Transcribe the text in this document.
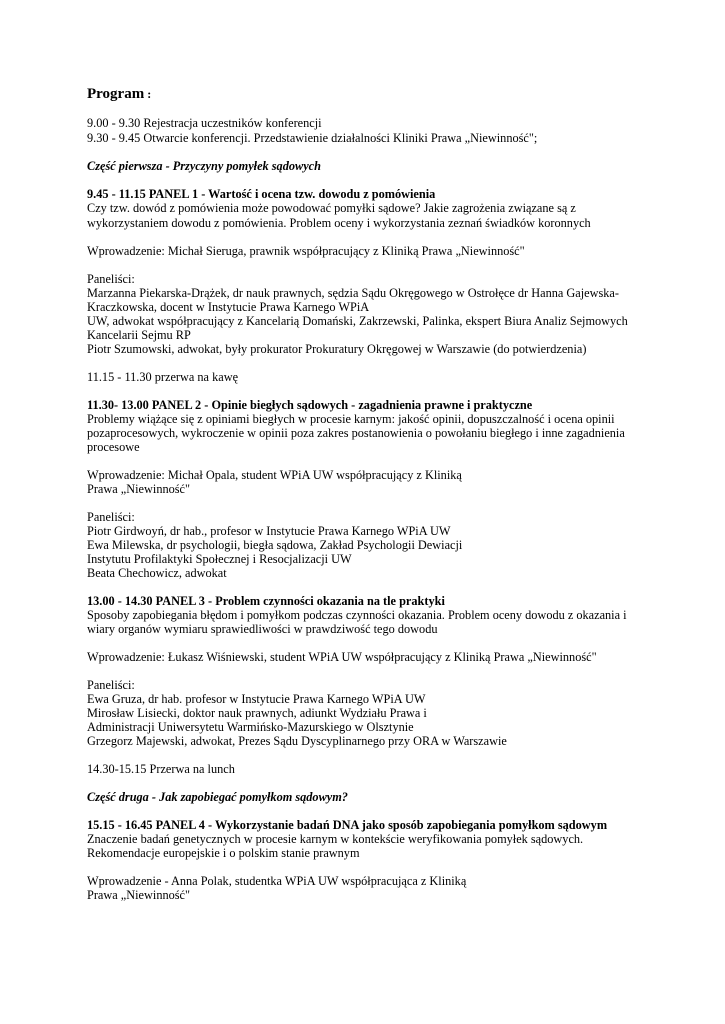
Program :
9.00 - 9.30 Rejestracja uczestników konferencji
9.30 - 9.45 Otwarcie konferencji. Przedstawienie działalności Kliniki Prawa „Niewinność";
Część pierwsza - Przyczyny pomyłek sądowych
9.45 - 11.15 PANEL 1 - Wartość i ocena tzw. dowodu z pomówienia
Czy tzw. dowód z pomówienia może powodować pomyłki sądowe? Jakie zagrożenia związane są z
wykorzystaniem dowodu z pomówienia. Problem oceny i wykorzystania zeznań świadków koronnych
Wprowadzenie: Michał Sieruga, prawnik współpracujący z Kliniką Prawa „Niewinność"
Paneliści:
Marzanna Piekarska-Drążek, dr nauk prawnych, sędzia Sądu Okręgowego w Ostrołęce dr Hanna Gajewska-
Kraczkowska, docent w Instytucie Prawa Karnego WPiA
UW, adwokat współpracujący z Kancelarią Domański, Zakrzewski, Palinka, ekspert Biura Analiz Sejmowych
Kancelarii Sejmu RP
Piotr Szumowski, adwokat, były prokurator Prokuratury Okręgowej w Warszawie (do potwierdzenia)
11.15 - 11.30 przerwa na kawę
11.30- 13.00 PANEL 2 - Opinie biegłych sądowych - zagadnienia prawne i praktyczne
Problemy wiążące się z opiniami biegłych w procesie karnym: jakość opinii, dopuszczalność i ocena opinii
pozaprocesowych, wykroczenie w opinii poza zakres postanowienia o powołaniu biegłego i inne zagadnienia
procesowe
Wprowadzenie: Michał Opala, student WPiA UW współpracujący z Kliniką
Prawa „Niewinność"
Paneliści:
Piotr Girdwoyń, dr hab., profesor w Instytucie Prawa Karnego WPiA UW
Ewa Milewska, dr psychologii, biegła sądowa, Zakład Psychologii Dewiacji
Instytutu Profilaktyki Społecznej i Resocjalizacji UW
Beata Chechowicz, adwokat
13.00 - 14.30 PANEL 3 - Problem czynności okazania na tle praktyki
Sposoby zapobiegania błędom i pomyłkom podczas czynności okazania. Problem oceny dowodu z okazania i
wiary organów wymiaru sprawiedliwości w prawdziwość tego dowodu
Wprowadzenie: Łukasz Wiśniewski, student WPiA UW współpracujący z Kliniką Prawa „Niewinność"
Paneliści:
Ewa Gruza, dr hab. profesor w Instytucie Prawa Karnego WPiA UW
Mirosław Lisiecki, doktor nauk prawnych, adiunkt Wydziału Prawa i
Administracji Uniwersytetu Warmińsko-Mazurskiego w Olsztynie
Grzegorz Majewski, adwokat, Prezes Sądu Dyscyplinarnego przy ORA w Warszawie
14.30-15.15 Przerwa na lunch
Część druga - Jak zapobiegać pomyłkom sądowym?
15.15 - 16.45 PANEL 4 - Wykorzystanie badań DNA jako sposób zapobiegania pomyłkom sądowym
Znaczenie badań genetycznych w procesie karnym w kontekście weryfikowania pomyłek sądowych.
Rekomendacje europejskie i o polskim stanie prawnym
Wprowadzenie - Anna Polak, studentka WPiA UW współpracująca z Kliniką
Prawa „Niewinność"
